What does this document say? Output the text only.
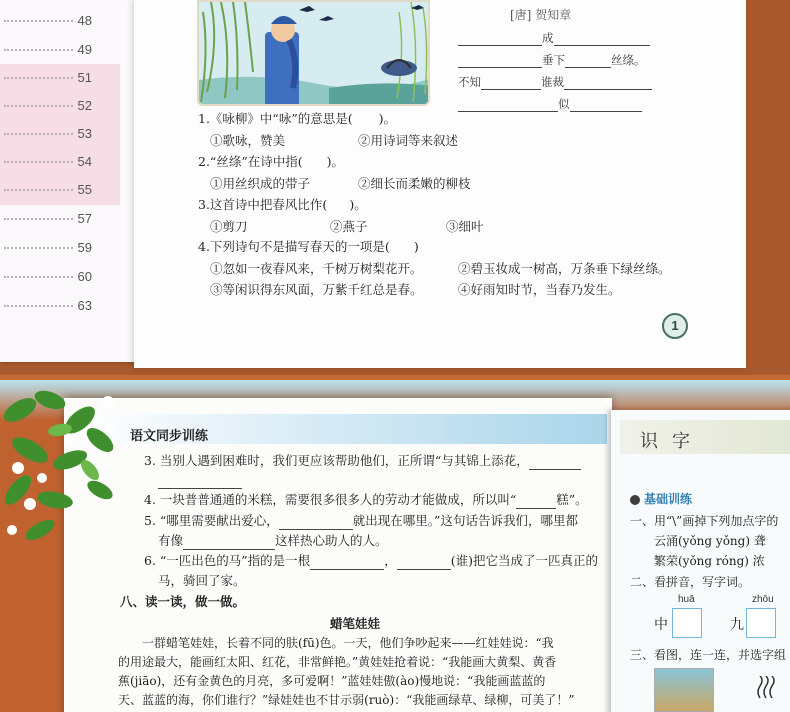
48
49
51
52
53
54
55
57
59
60
63
[唐] 贺知章
成
垂下	丝绦。
不知	谁裁
似
1.《咏柳》中“咏”的意思是( )。
①歌咏，赞美	②用诗词等来叙述
2.“丝绦”在诗中指( )。
①用丝织成的带子	②细长而柔嫩的柳枝
3.这首诗中把春风比作( )。
①剪刀	②燕子	③细叶
4.下列诗句不是描写春天的一项是( )
①忽如一夜春风来，千树万树梨花开。	②碧玉妆成一树高，万条垂下绿丝绦。
③等闲识得东风面，万紫千红总是春。	④好雨知时节，当春乃发生。
1
语文同步训练
3. 当别人遇到困难时，我们更应该帮助他们，正所谓“与其锦上添花，
4. 一块普普通通的米糕，需要很多很多人的劳动才能做成，所以叫“	糕”。
5. “哪里需要献出爱心，	就出现在哪里。”这句话告诉我们，哪里都
有像	这样热心助人的人。
6. “一匹出色的马”指的是一根	，	(谁)把它当成了一匹真正的
马，骑回了家。
八、读一读，做一做。
蜡笔娃娃
一群蜡笔娃娃，长着不同的肤(fū)色。一天，他们争吵起来——红娃娃说：“我
的用途最大，能画红太阳、红花，非常鲜艳。”黄娃娃抢着说：“我能画大黄梨、黄香
蕉(jiāo)，还有金黄色的月亮，多可爱啊！”蓝娃娃傲(ào)慢地说：“我能画蓝蓝的
天、蓝蓝的海，你们谁行？”绿娃娃也不甘示弱(ruò)：“我能画绿草、绿柳，可美了！”
识字
基础训练
一、用“\”画掉下列加点字的
云涌(yǒng yǒng) 聋
繁荣(yǒng róng) 浓
二、看拼音，写字词。
huā	zhōu
中	九
三、看图，连一连，并选字组
